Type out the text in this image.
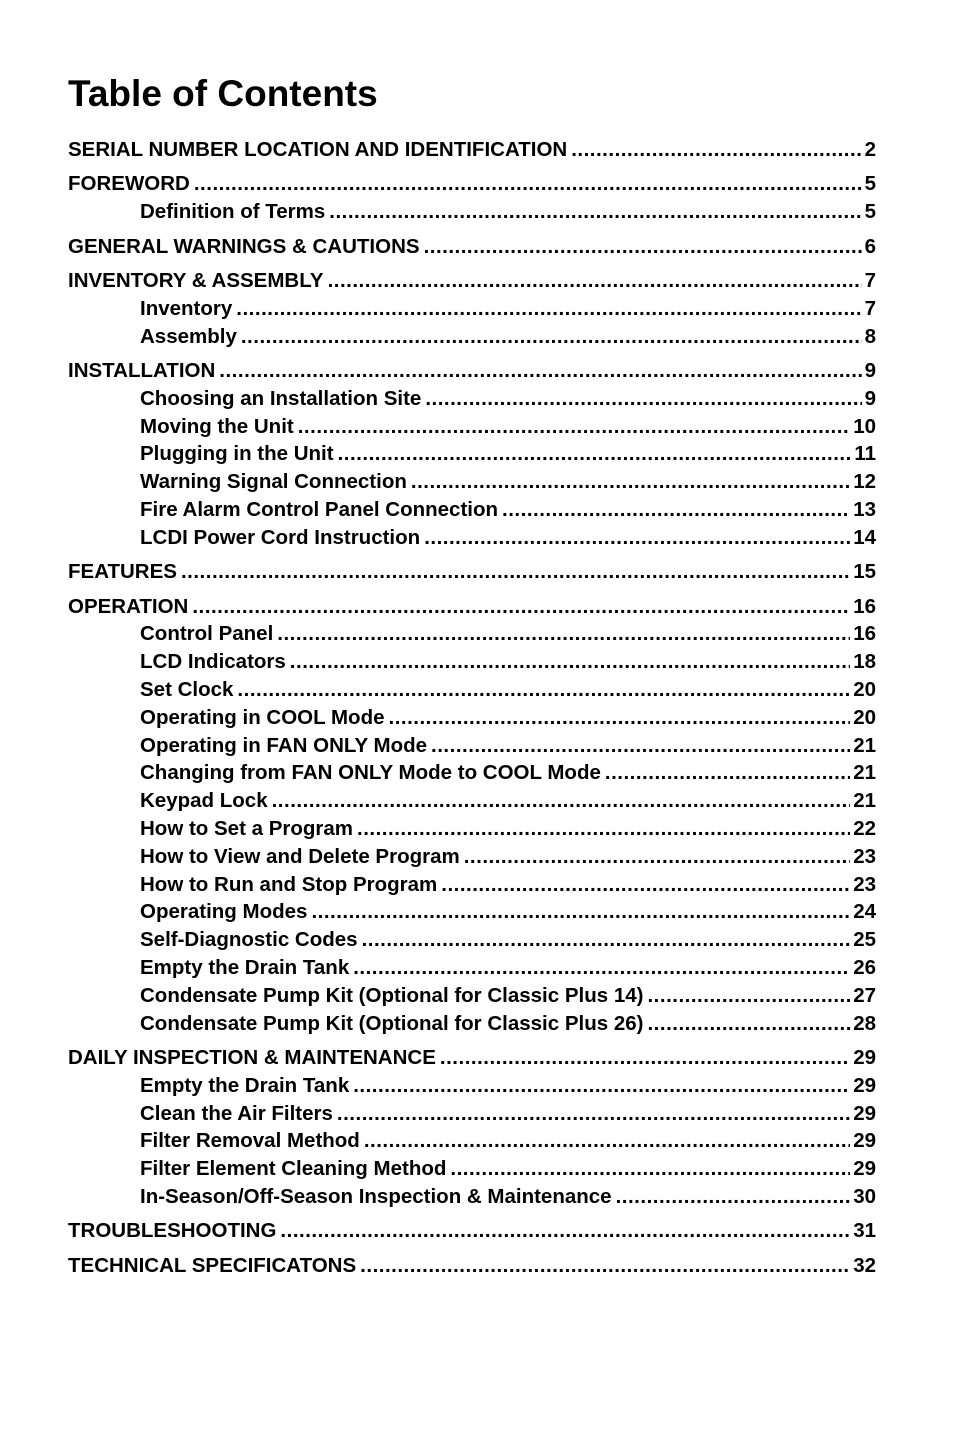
Table of Contents
SERIAL NUMBER LOCATION AND IDENTIFICATION .....	2
FOREWORD .....	5
Definition of Terms .....	5
GENERAL WARNINGS & CAUTIONS .....	6
INVENTORY & ASSEMBLY .....	7
Inventory .....	7
Assembly .....	8
INSTALLATION .....	9
Choosing an Installation Site .....	9
Moving the Unit .....	10
Plugging in the Unit .....	11
Warning Signal Connection .....	12
Fire Alarm Control Panel Connection .....	13
LCDI Power Cord Instruction .....	14
FEATURES .....	15
OPERATION .....	16
Control Panel .....	16
LCD Indicators .....	18
Set Clock .....	20
Operating in COOL Mode .....	20
Operating in FAN ONLY Mode .....	21
Changing from FAN ONLY Mode to COOL Mode .....	21
Keypad Lock .....	21
How to Set a Program .....	22
How to View and Delete Program .....	23
How to Run and Stop Program .....	23
Operating Modes .....	24
Self-Diagnostic Codes .....	25
Empty the Drain Tank .....	26
Condensate Pump Kit (Optional for Classic Plus 14) .....	27
Condensate Pump Kit (Optional for Classic Plus 26) .....	28
DAILY INSPECTION & MAINTENANCE .....	29
Empty the Drain Tank .....	29
Clean the Air Filters .....	29
Filter Removal Method .....	29
Filter Element Cleaning Method .....	29
In-Season/Off-Season Inspection & Maintenance .....	30
TROUBLESHOOTING .....	31
TECHNICAL SPECIFICATONS .....	32
